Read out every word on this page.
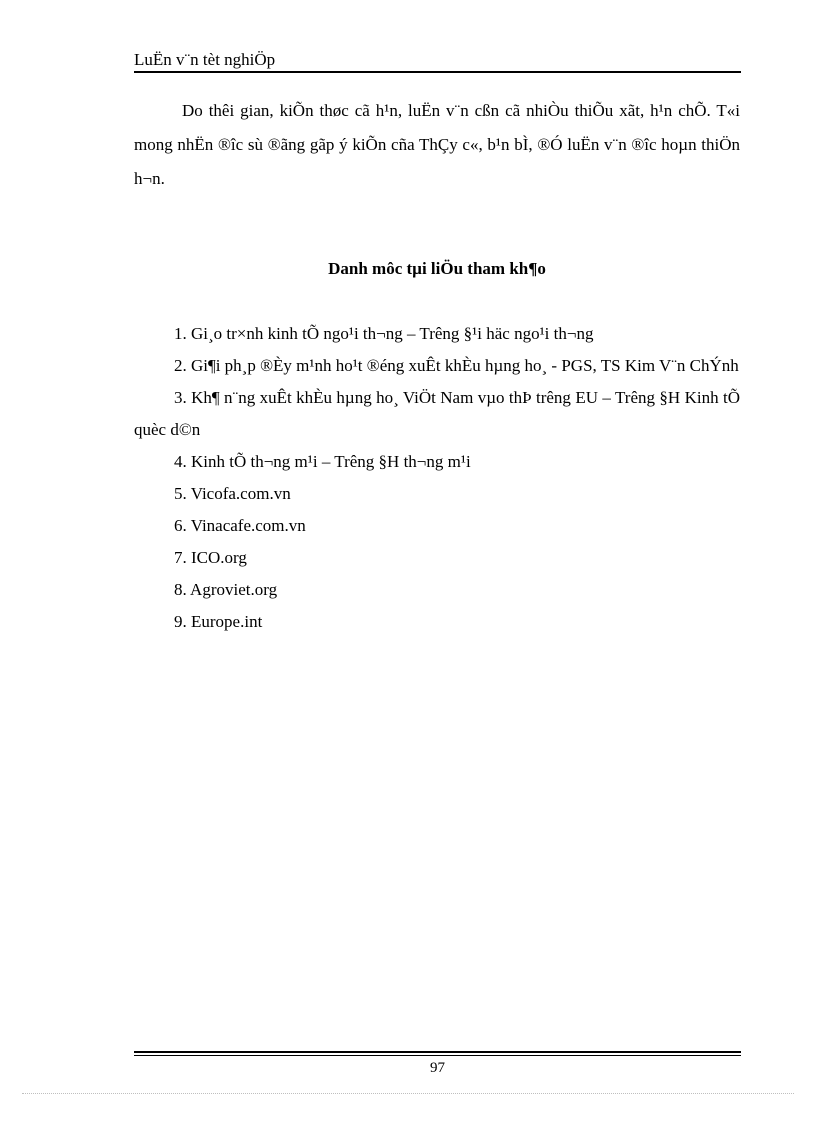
LuËn v¨n tèt nghiÖp

Do thêi gian, kiÕn thøc cã h¹n, luËn v¨n cßn cã nhiÒu thiÕu xãt, h¹n chÕ. T«i mong nhËn ®îc sù ®ãng gãp ý kiÕn cña ThÇy c«, b¹n bÌ, ®Ó luËn v¨n ®îc hoµn thiÖn h¬n.

Danh môc tµi liÖu tham kh¶o
1. Gi¸o tr×nh kinh tÕ ngo¹i th¬ng – Trêng §¹i häc ngo¹i th¬ng
2. Gi¶i ph¸p ®Èy m¹nh ho¹t ®éng xuÊt khÈu hµng ho¸ - PGS, TS Kim V¨n ChÝnh
3. Kh¶ n¨ng xuÊt khÈu hµng ho¸ ViÖt Nam vµo thÞ trêng EU – Trêng §H Kinh tÕ quèc d©n
4. Kinh tÕ th¬ng m¹i – Trêng §H th¬ng m¹i
5. Vicofa.com.vn
6. Vinacafe.com.vn
7. ICO.org
8. Agroviet.org
9. Europe.int
97
